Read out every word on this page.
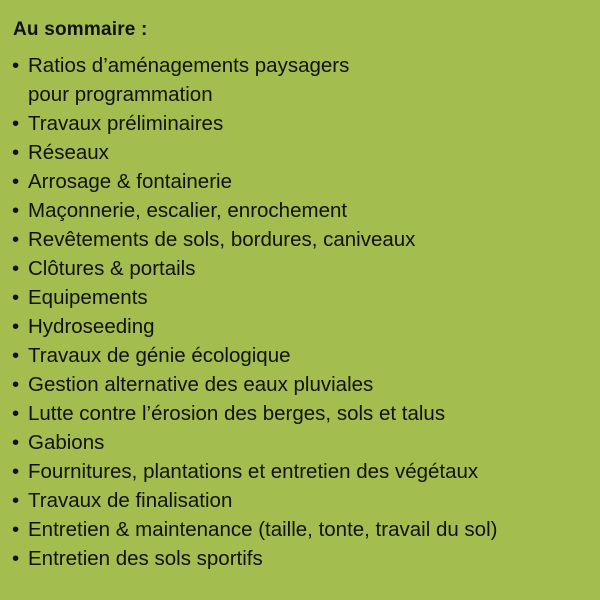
Au sommaire :
• Ratios d’aménagements paysagers
pour programmation
• Travaux préliminaires
• Réseaux
• Arrosage & fontainerie
• Maçonnerie, escalier, enrochement
• Revêtements de sols, bordures, caniveaux
• Clôtures & portails
• Equipements
• Hydroseeding
• Travaux de génie écologique
• Gestion alternative des eaux pluviales
• Lutte contre l’érosion des berges, sols et talus
• Gabions
• Fournitures, plantations et entretien des végétaux
• Travaux de finalisation
• Entretien & maintenance (taille, tonte, travail du sol)
• Entretien des sols sportifs
